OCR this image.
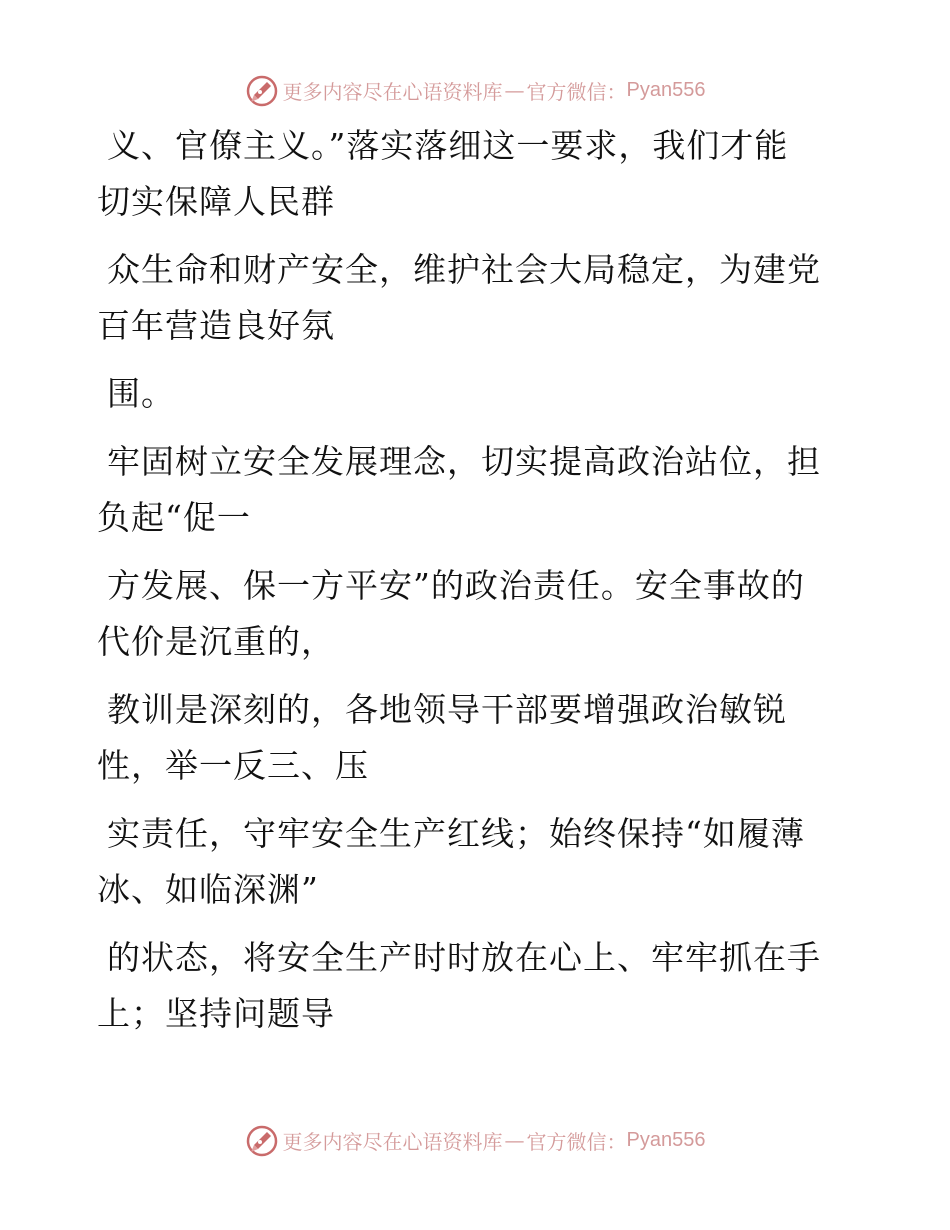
更多内容尽在心语资料库 — 官方微信： Pyan556

义、官僚主义。”落实落细这一要求，我们才能
切实保障人民群

众生命和财产安全，维护社会大局稳定，为建党
百年营造良好氛

围。

牢固树立安全发展理念，切实提高政治站位，担
负起“促一

方发展、保一方平安”的政治责任。安全事故的
代价是沉重的，

教训是深刻的，各地领导干部要增强政治敏锐
性，举一反三、压

实责任，守牢安全生产红线；始终保持“如履薄
冰、如临深渊”

的状态，将安全生产时时放在心上、牢牢抓在手
上；坚持问题导

更多内容尽在心语资料库 — 官方微信： Pyan556
